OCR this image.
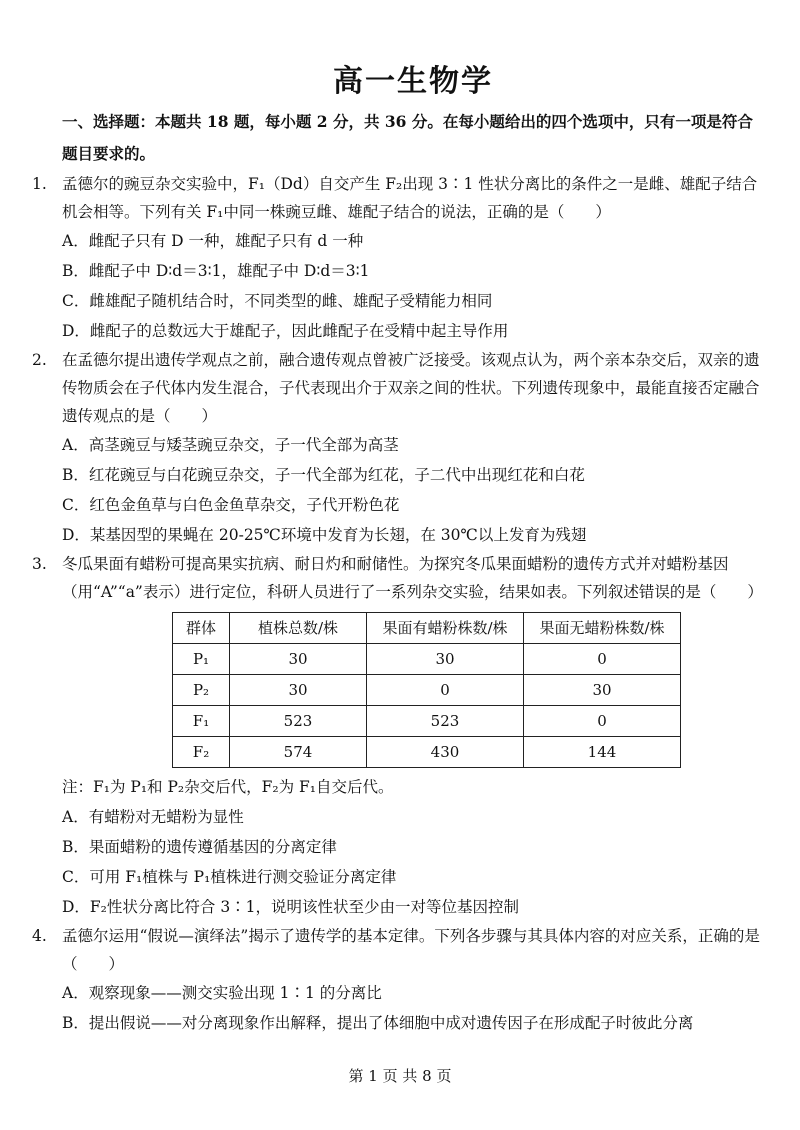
高一生物学
一、选择题：本题共 18 题，每小题 2 分，共 36 分。在每小题给出的四个选项中，只有一项是符合题目要求的。
1. 孟德尔的豌豆杂交实验中，F₁（Dd）自交产生 F₂出现 3∶1 性状分离比的条件之一是雌、雄配子结合机会相等。下列有关 F₁中同一株豌豆雌、雄配子结合的说法，正确的是（　　）

A．雌配子只有 D 一种，雄配子只有 d 一种

B．雌配子中 D∶d＝3∶1，雄配子中 D∶d＝3∶1

C．雌雄配子随机结合时，不同类型的雌、雄配子受精能力相同

D．雌配子的总数远大于雄配子，因此雌配子在受精中起主导作用

2. 在孟德尔提出遗传学观点之前，融合遗传观点曾被广泛接受。该观点认为，两个亲本杂交后，双亲的遗传物质会在子代体内发生混合，子代表现出介于双亲之间的性状。下列遗传现象中，最能直接否定融合遗传观点的是（　　）

A．高茎豌豆与矮茎豌豆杂交，子一代全部为高茎

B．红花豌豆与白花豌豆杂交，子一代全部为红花，子二代中出现红花和白花

C．红色金鱼草与白色金鱼草杂交，子代开粉色花

D．某基因型的果蝇在 20-25℃环境中发育为长翅，在 30℃以上发育为残翅

3. 冬瓜果面有蜡粉可提高果实抗病、耐日灼和耐储性。为探究冬瓜果面蜡粉的遗传方式并对蜡粉基因（用“A”“a”表示）进行定位，科研人员进行了一系列杂交实验，结果如表。下列叙述错误的是（　　）

群体	植株总数/株	果面有蜡粉株数/株	果面无蜡粉株数/株
P₁	30	30	0
P₂	30	0	30
F₁	523	523	0
F₂	574	430	144

注：F₁为 P₁和 P₂杂交后代，F₂为 F₁自交后代。

A．有蜡粉对无蜡粉为显性

B．果面蜡粉的遗传遵循基因的分离定律

C．可用 F₁植株与 P₁植株进行测交验证分离定律

D．F₂性状分离比符合 3∶1，说明该性状至少由一对等位基因控制

4. 孟德尔运用“假说—演绎法”揭示了遗传学的基本定律。下列各步骤与其具体内容的对应关系，正确的是（　　）

A．观察现象——测交实验出现 1∶1 的分离比

B．提出假说——对分离现象作出解释，提出了体细胞中成对遗传因子在形成配子时彼此分离

第 1 页 共 8 页
